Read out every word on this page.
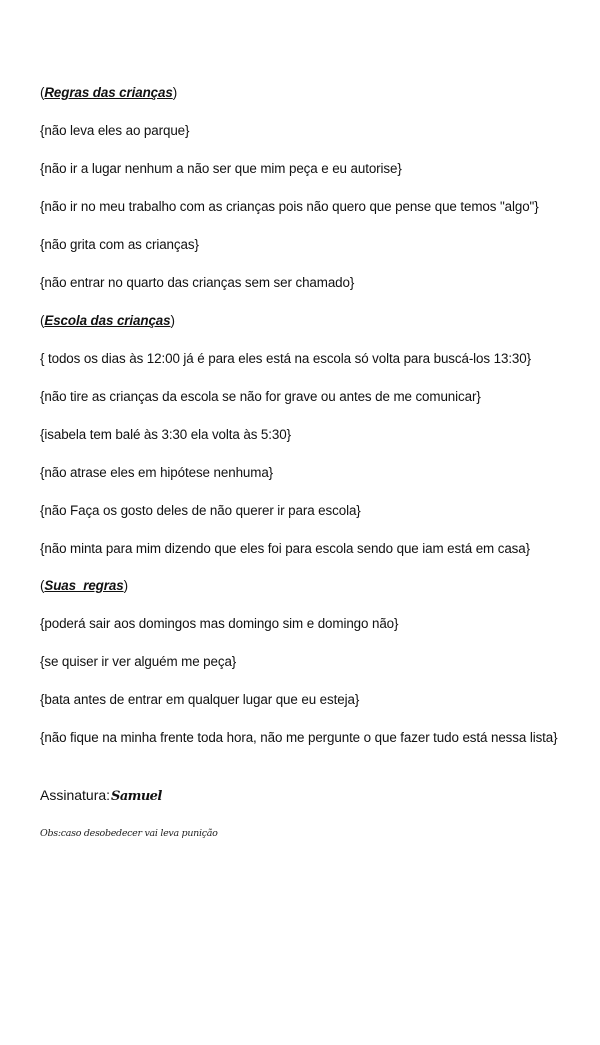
(Regras das crianças)
{não leva eles ao parque}
{não ir a lugar nenhum a não ser que mim peça e eu autorise}
{não ir no meu trabalho com as crianças pois não quero que pense que temos "algo"}
{não grita com as crianças}
{não entrar no quarto das crianças sem ser chamado}
(Escola das crianças)
{ todos os dias às 12:00 já é para eles está na escola só volta para buscá-los 13:30}
{não tire as crianças da escola se não for grave ou antes de me comunicar}
{isabela tem balé às 3:30 ela volta às 5:30}
{não atrase eles em hipótese nenhuma}
{não Faça os gosto deles de não querer ir para escola}
{não minta para mim dizendo que eles foi para escola sendo que iam está em casa}
(Suas  regras)
{poderá sair aos domingos mas domingo sim e domingo não}
{se quiser ir ver alguém me peça}
{bata antes de entrar em qualquer lugar que eu esteja}
{não fique na minha frente toda hora, não me pergunte o que fazer tudo está nessa lista}
Assinatura:Samuel
Obs:caso desobedecer vai leva punição
